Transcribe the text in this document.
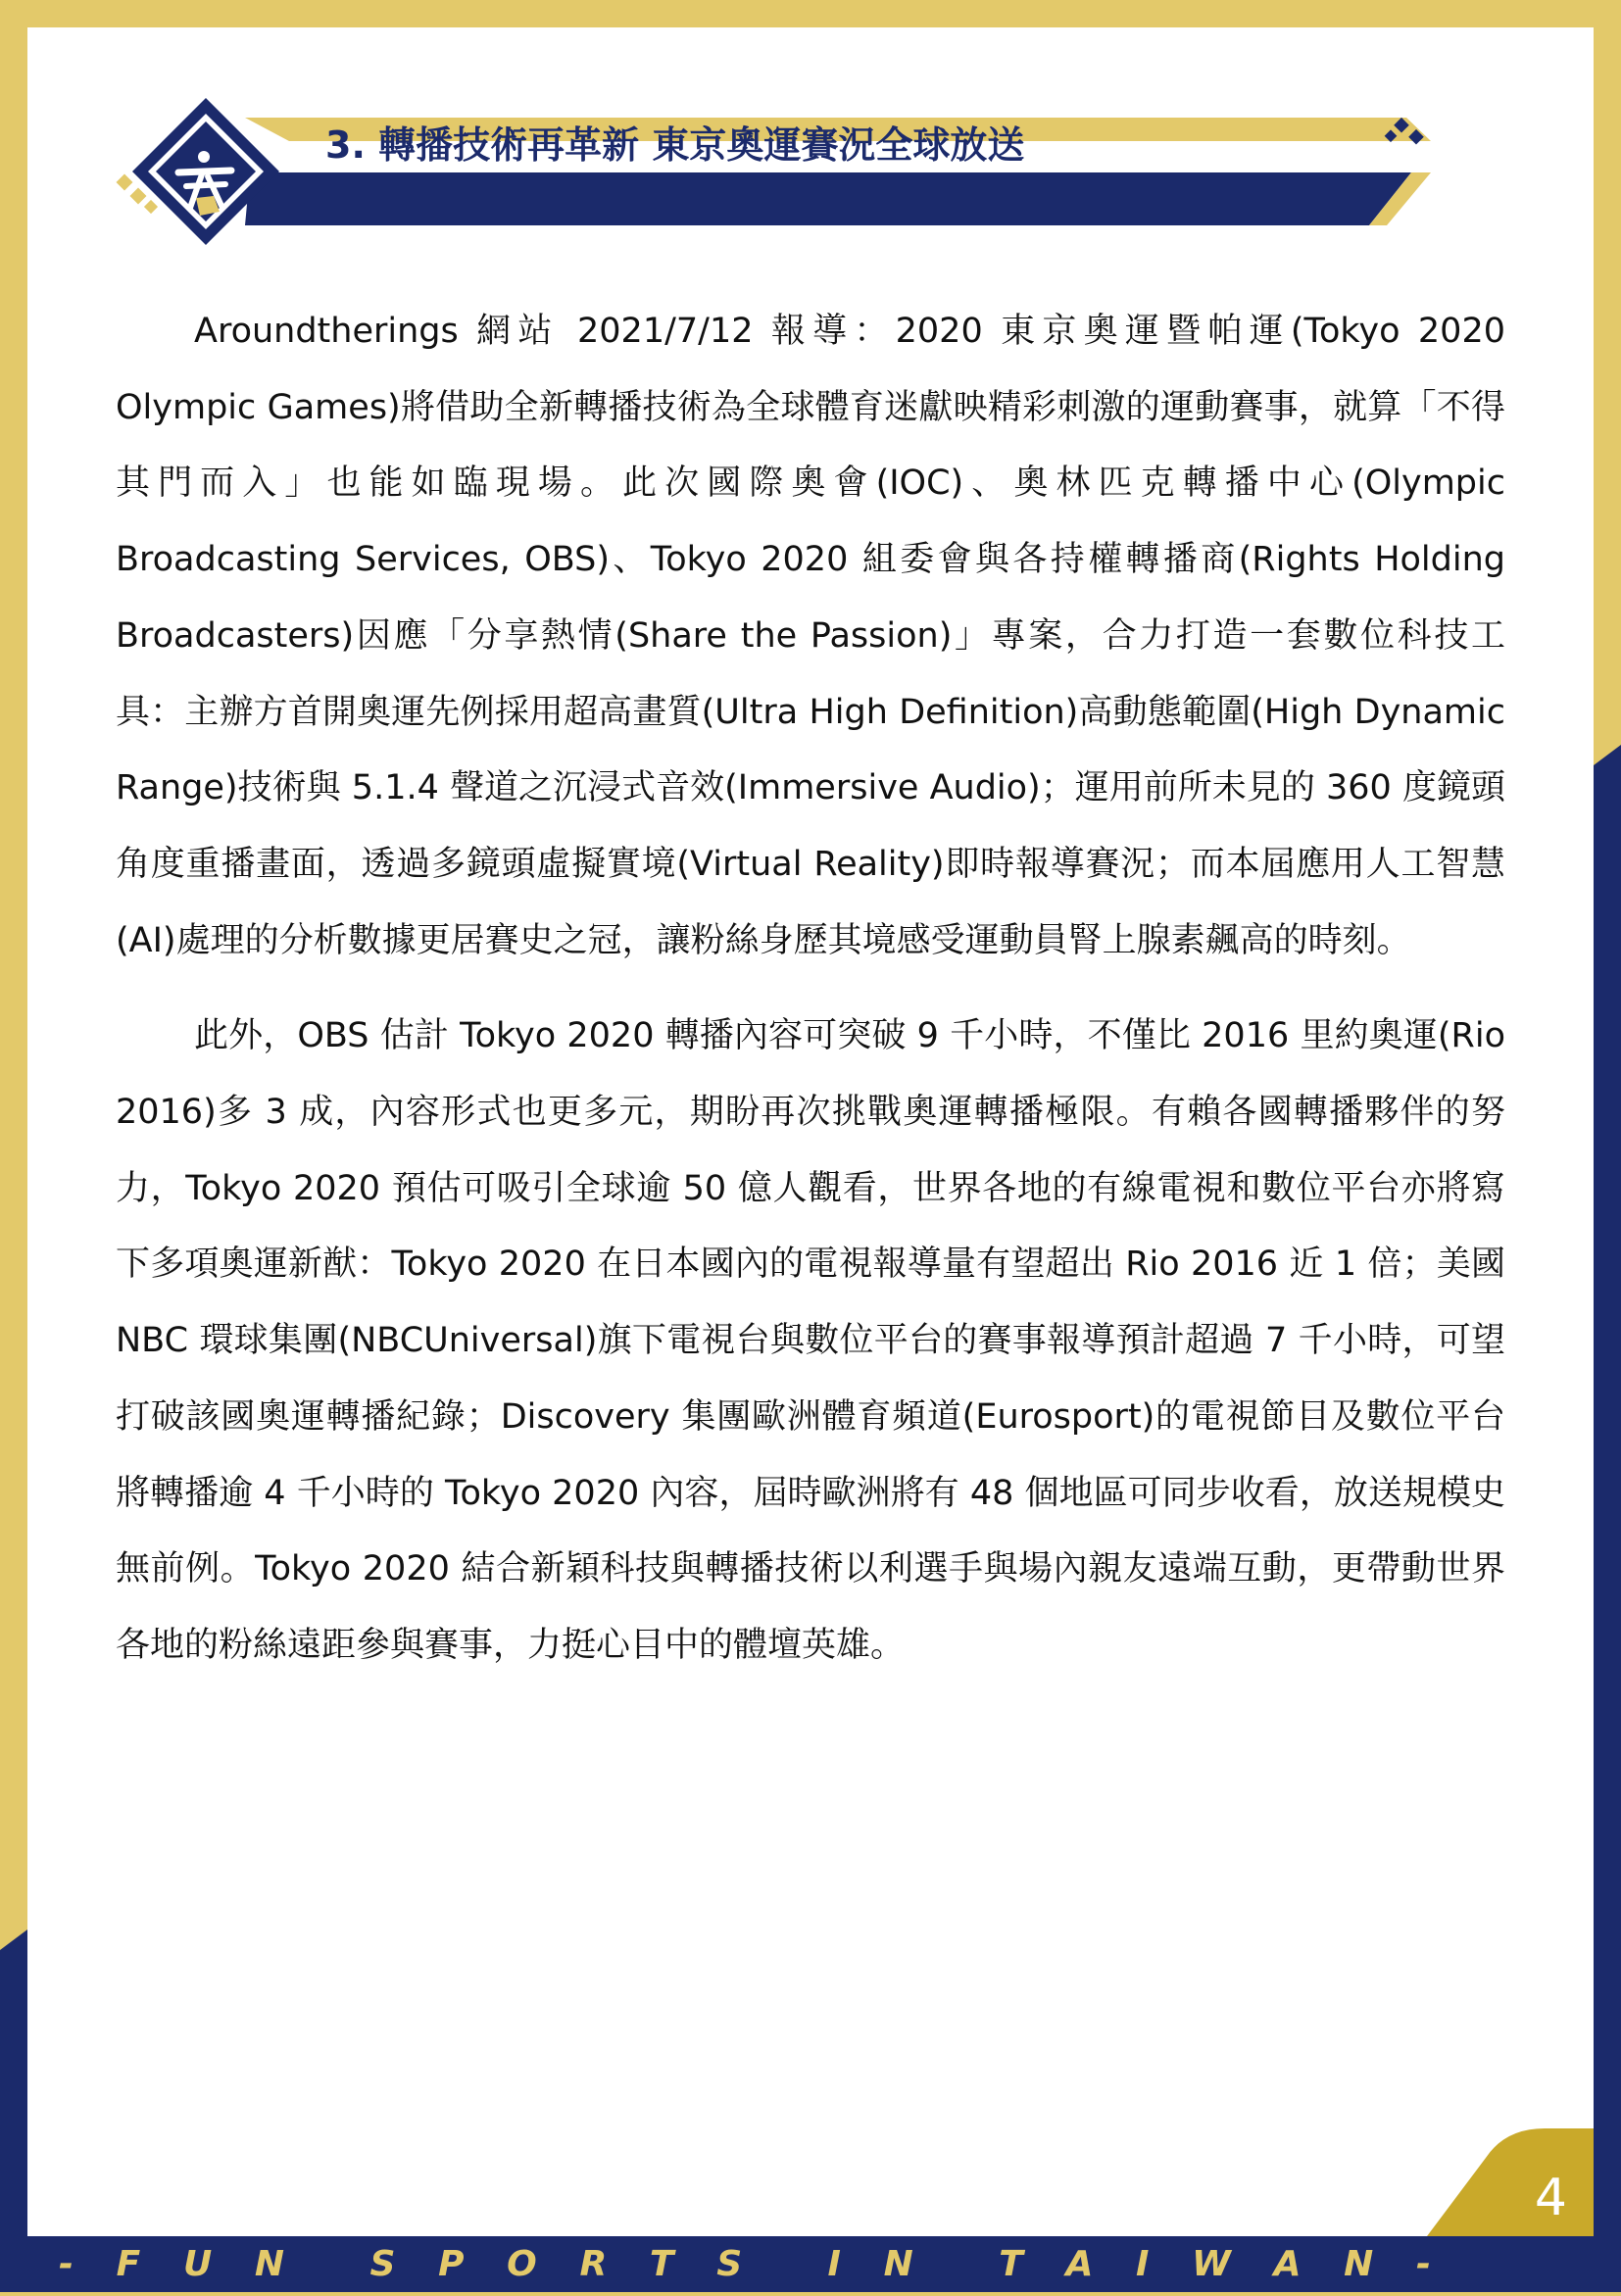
3. 轉播技術再革新 東京奧運賽況全球放送

Aroundtherings 網站 2021/7/12 報導：2020 東京奧運暨帕運(Tokyo 2020 Olympic Games)將借助全新轉播技術為全球體育迷獻映精彩刺激的運動賽事，就算「不得其門而入」也能如臨現場。此次國際奧會(IOC)、奧林匹克轉播中心(Olympic Broadcasting Services, OBS)、Tokyo 2020 組委會與各持權轉播商(Rights Holding Broadcasters)因應「分享熱情(Share the Passion)」專案，合力打造一套數位科技工具：主辦方首開奧運先例採用超高畫質(Ultra High Definition)高動態範圍(High Dynamic Range)技術與 5.1.4 聲道之沉浸式音效(Immersive Audio)；運用前所未見的 360 度鏡頭角度重播畫面，透過多鏡頭虛擬實境(Virtual Reality)即時報導賽況；而本屆應用人工智慧(AI)處理的分析數據更居賽史之冠，讓粉絲身歷其境感受運動員腎上腺素飆高的時刻。

此外，OBS 估計 Tokyo 2020 轉播內容可突破 9 千小時，不僅比 2016 里約奧運(Rio 2016)多 3 成，內容形式也更多元，期盼再次挑戰奧運轉播極限。有賴各國轉播夥伴的努力，Tokyo 2020 預估可吸引全球逾 50 億人觀看，世界各地的有線電視和數位平台亦將寫下多項奧運新猷：Tokyo 2020 在日本國內的電視報導量有望超出 Rio 2016 近 1 倍；美國 NBC 環球集團(NBCUniversal)旗下電視台與數位平台的賽事報導預計超過 7 千小時，可望打破該國奧運轉播紀錄；Discovery 集團歐洲體育頻道(Eurosport)的電視節目及數位平台將轉播逾 4 千小時的 Tokyo 2020 內容，屆時歐洲將有 48 個地區可同步收看，放送規模史無前例。Tokyo 2020 結合新穎科技與轉播技術以利選手與場內親友遠端互動，更帶動世界各地的粉絲遠距參與賽事，力挺心目中的體壇英雄。

4
- F U N S P O R T S I N T A I W A N -
